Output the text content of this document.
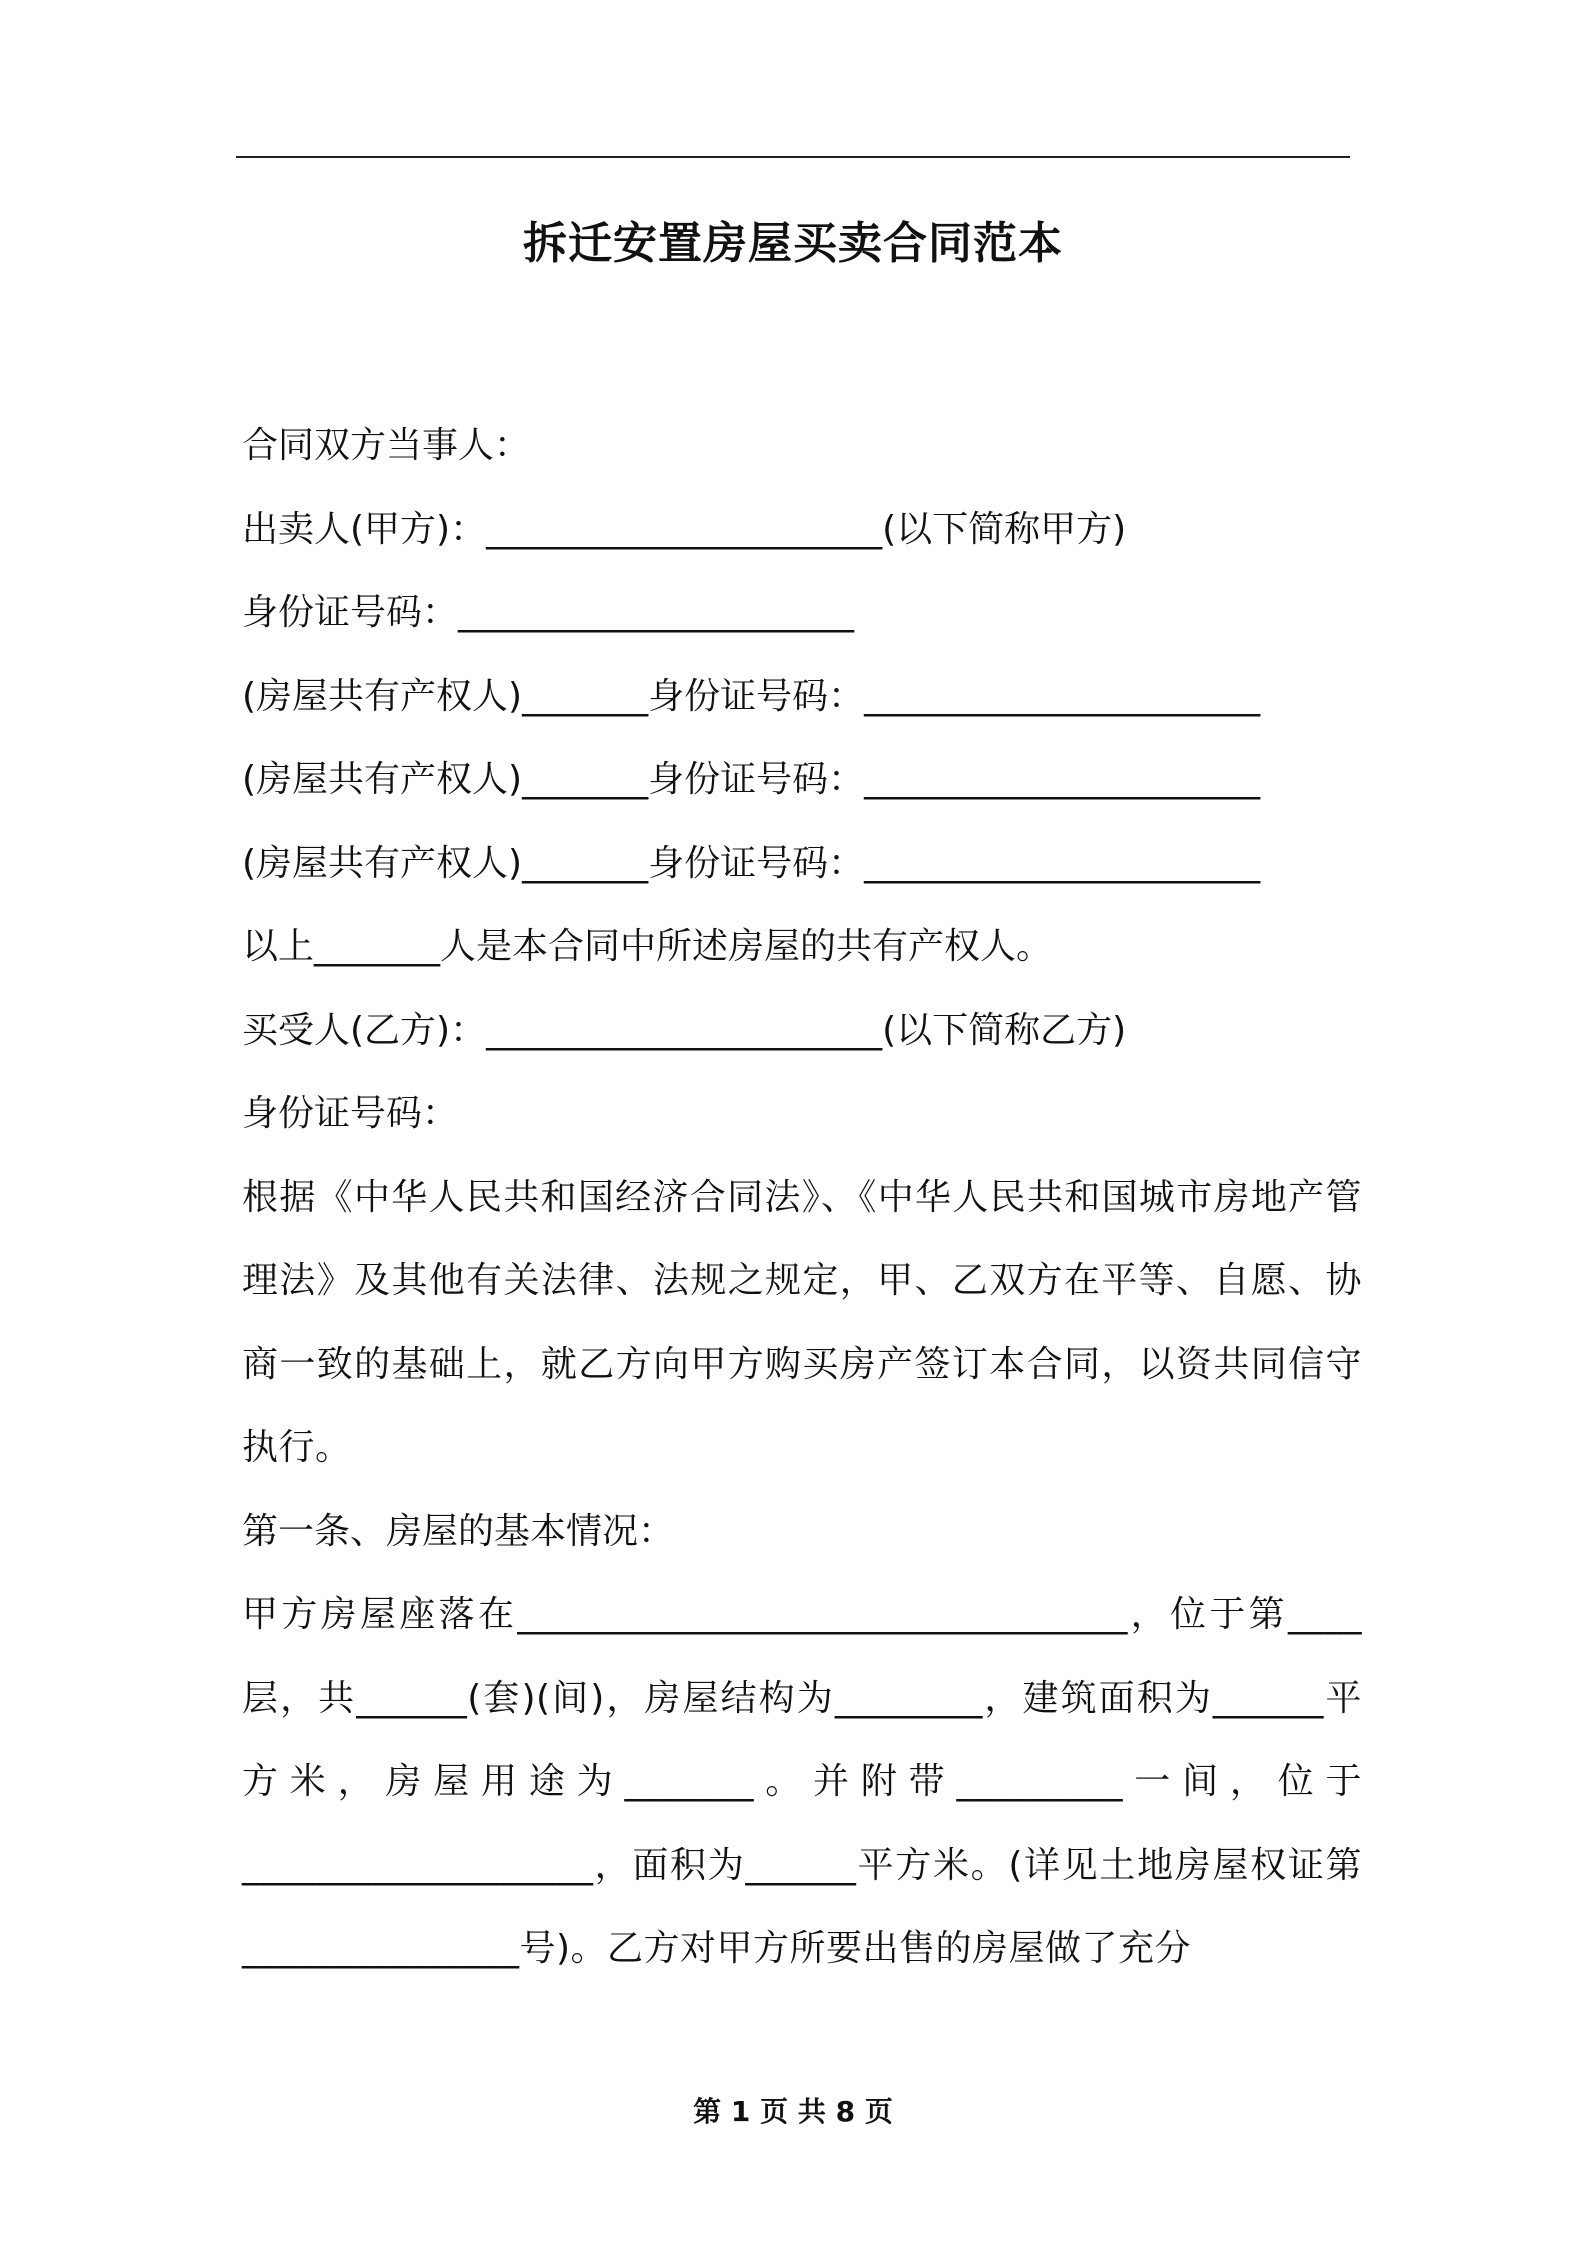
拆迁安置房屋买卖合同范本

合同双方当事人：

出卖人(甲方)：______________________(以下简称甲方)

身份证号码：______________________

(房屋共有产权人)_______身份证号码：______________________

(房屋共有产权人)_______身份证号码：______________________

(房屋共有产权人)_______身份证号码：______________________

以上_______人是本合同中所述房屋的共有产权人。

买受人(乙方)：______________________(以下简称乙方)

身份证号码：

根据《中华人民共和国经济合同法》、《中华人民共和国城市房地产管理法》及其他有关法律、法规之规定，甲、乙双方在平等、自愿、协商一致的基础上，就乙方向甲方购买房产签订本合同，以资共同信守执行。

第一条、房屋的基本情况：

甲方房屋座落在_________________________________，位于第____层，共______(套)(间)，房屋结构为________，建筑面积为______平方米，房屋用途为_______。并附带_________一间，位于___________________，面积为______平方米。(详见土地房屋权证第_______________号)。乙方对甲方所要出售的房屋做了充分

第 1 页 共 8 页
